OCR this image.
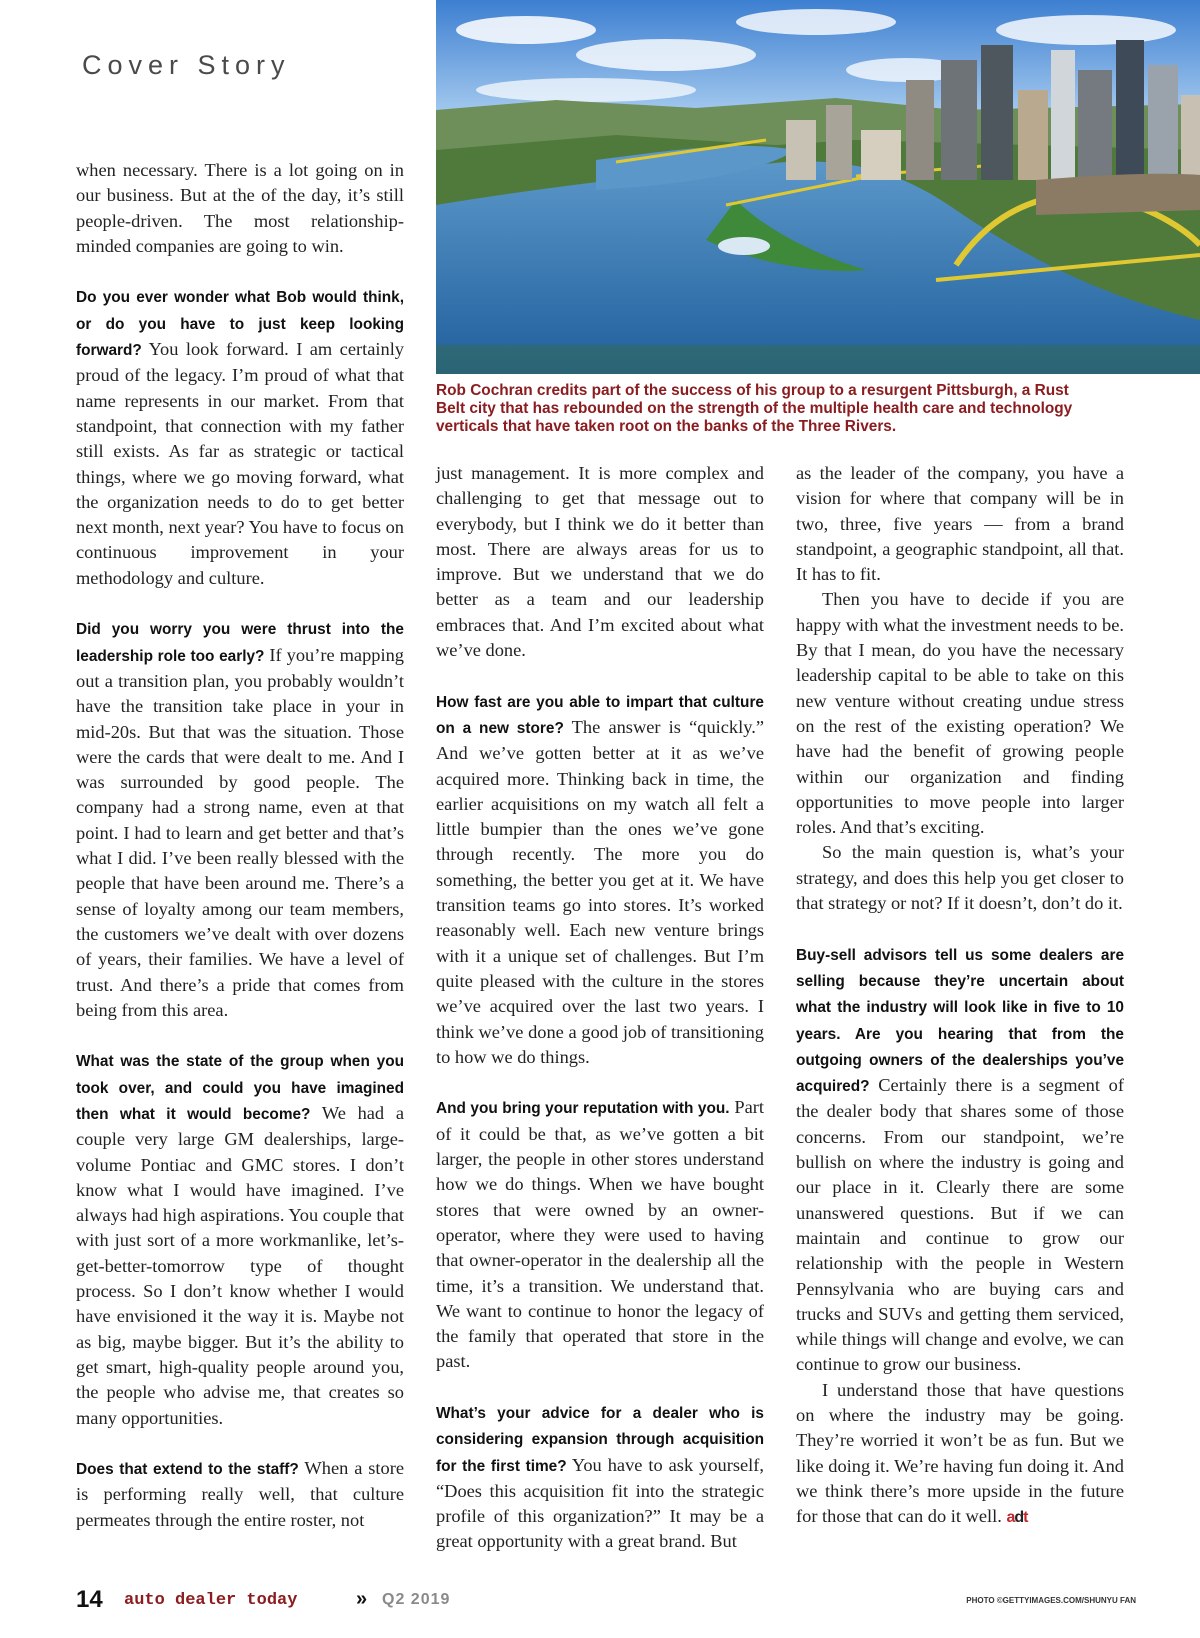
Cover Story
Rob Cochran credits part of the success of his group to a resurgent Pittsburgh, a Rust Belt city that has rebounded on the strength of the multiple health care and technology verticals that have taken root on the banks of the Three Rivers.

when necessary. There is a lot going on in our business. But at the of the day, it’s still people-driven. The most relationship-minded companies are going to win.

Do you ever wonder what Bob would think, or do you have to just keep looking forward? You look forward. I am certainly proud of the legacy. I’m proud of what that name represents in our market. From that standpoint, that connection with my father still exists. As far as strategic or tactical things, where we go moving forward, what the organization needs to do to get better next month, next year? You have to focus on continuous improvement in your methodology and culture.

Did you worry you were thrust into the leadership role too early? If you’re mapping out a transition plan, you probably wouldn’t have the transition take place in your in mid-20s. But that was the situation. Those were the cards that were dealt to me. And I was surrounded by good people. The company had a strong name, even at that point. I had to learn and get better and that’s what I did. I’ve been really blessed with the people that have been around me. There’s a sense of loyalty among our team members, the customers we’ve dealt with over dozens of years, their families. We have a level of trust. And there’s a pride that comes from being from this area.

What was the state of the group when you took over, and could you have imagined then what it would become? We had a couple very large GM dealerships, large-volume Pontiac and GMC stores. I don’t know what I would have imagined. I’ve always had high aspirations. You couple that with just sort of a more workmanlike, let’s-get-better-tomorrow type of thought process. So I don’t know whether I would have envisioned it the way it is. Maybe not as big, maybe bigger. But it’s the ability to get smart, high-quality people around you, the people who advise me, that creates so many opportunities.

Does that extend to the staff? When a store is performing really well, that culture permeates through the entire roster, not

just management. It is more complex and challenging to get that message out to everybody, but I think we do it better than most. There are always areas for us to improve. But we understand that we do better as a team and our leadership embraces that. And I’m excited about what we’ve done.

How fast are you able to impart that culture on a new store? The answer is “quickly.” And we’ve gotten better at it as we’ve acquired more. Thinking back in time, the earlier acquisitions on my watch all felt a little bumpier than the ones we’ve gone through recently. The more you do something, the better you get at it. We have transition teams go into stores. It’s worked reasonably well. Each new venture brings with it a unique set of challenges. But I’m quite pleased with the culture in the stores we’ve acquired over the last two years. I think we’ve done a good job of transitioning to how we do things.

And you bring your reputation with you. Part of it could be that, as we’ve gotten a bit larger, the people in other stores understand how we do things. When we have bought stores that were owned by an owner-operator, where they were used to having that owner-operator in the dealership all the time, it’s a transition. We understand that. We want to continue to honor the legacy of the family that operated that store in the past.

What’s your advice for a dealer who is considering expansion through acquisition for the first time? You have to ask yourself, “Does this acquisition fit into the strategic profile of this organization?” It may be a great opportunity with a great brand. But

as the leader of the company, you have a vision for where that company will be in two, three, five years — from a brand standpoint, a geographic standpoint, all that. It has to fit.

Then you have to decide if you are happy with what the investment needs to be. By that I mean, do you have the necessary leadership capital to be able to take on this new venture without creating undue stress on the rest of the existing operation? We have had the benefit of growing people within our organization and finding opportunities to move people into larger roles. And that’s exciting.

So the main question is, what’s your strategy, and does this help you get closer to that strategy or not? If it doesn’t, don’t do it.

Buy-sell advisors tell us some dealers are selling because they’re uncertain about what the industry will look like in five to 10 years. Are you hearing that from the outgoing owners of the dealerships you’ve acquired? Certainly there is a segment of the dealer body that shares some of those concerns. From our standpoint, we’re bullish on where the industry is going and our place in it. Clearly there are some unanswered questions. But if we can maintain and continue to grow our relationship with the people in Western Pennsylvania who are buying cars and trucks and SUVs and getting them serviced, while things will change and evolve, we can continue to grow our business.

I understand those that have questions on where the industry may be going. They’re worried it won’t be as fun. But we like doing it. We’re having fun doing it. And we think there’s more upside in the future for those that can do it well. adt

14 auto dealer today	» Q2 2019	PHOTO ©GETTYIMAGES.COM/SHUNYU FAN
